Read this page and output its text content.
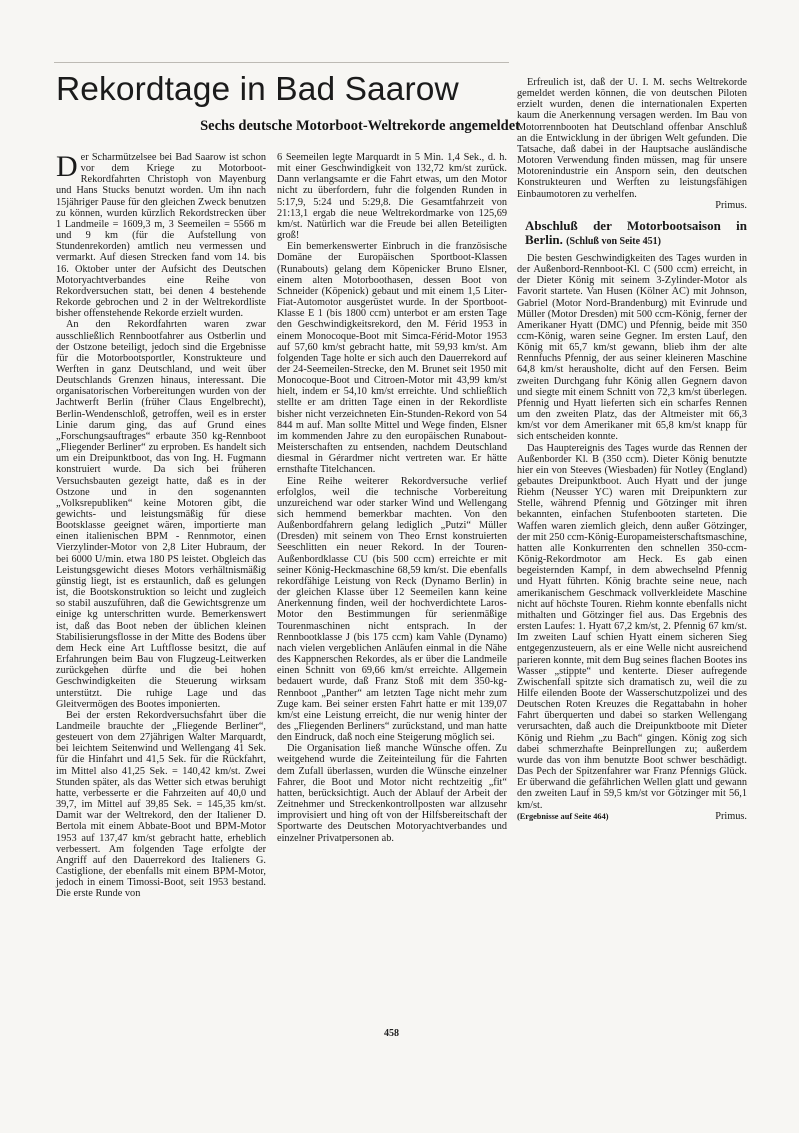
Rekordtage in Bad Saarow
Sechs deutsche Motorboot-Weltrekorde angemeldet

Der Scharmützelsee bei Bad Saarow ist schon vor dem Kriege zu Motorboot-Rekordfahrten Christoph von Mayenburg und Hans Stucks benutzt worden. Um ihn nach 15jähriger Pause für den gleichen Zweck benutzen zu können, wurden kürzlich Rekordstrecken über 1 Landmeile = 1609,3 m, 3 Seemeilen = 5566 m und 9 km (für die Aufstellung von Stundenrekorden) amtlich neu vermessen und vermarkt. Auf diesen Strecken fand vom 14. bis 16. Oktober unter der Aufsicht des Deutschen Motoryachtverbandes eine Reihe von Rekordversuchen statt, bei denen 4 bestehende Rekorde gebrochen und 2 in der Weltrekordliste bisher offenstehende Rekorde erzielt wurden.

An den Rekordfahrten waren zwar ausschließlich Rennbootfahrer aus Ostberlin und der Ostzone beteiligt, jedoch sind die Ergebnisse für die Motorbootsportler, Konstrukteure und Werften in ganz Deutschland, und weit über Deutschlands Grenzen hinaus, interessant. Die organisatorischen Vorbereitungen wurden von der Jachtwerft Berlin (früher Claus Engelbrecht), Berlin-Wendenschloß, getroffen, weil es in erster Linie darum ging, das auf Grund eines „Forschungsauftrages“ erbaute 350 kg-Rennboot „Fliegender Berliner“ zu erproben. Es handelt sich um ein Dreipunktboot, das von Ing. H. Fugmann konstruiert wurde. Da sich bei früheren Versuchsbauten gezeigt hatte, daß es in der Ostzone und in den sogenannten „Volksrepubliken“ keine Motoren gibt, die gewichts- und leistungsmäßig für diese Bootsklasse geeignet wären, importierte man einen italienischen BPM - Rennmotor, einen Vierzylinder-Motor von 2,8 Liter Hubraum, der bei 6000 U/min. etwa 180 PS leistet. Obgleich das Leistungsgewicht dieses Motors verhältnismäßig günstig liegt, ist es erstaunlich, daß es gelungen ist, die Bootskonstruktion so leicht und zugleich so stabil auszuführen, daß die Gewichtsgrenze um einige kg unterschritten wurde. Bemerkenswert ist, daß das Boot neben der üblichen kleinen Stabilisierungsflosse in der Mitte des Bodens über dem Heck eine Art Luftflosse besitzt, die auf Erfahrungen beim Bau von Flugzeug-Leitwerken zurückgehen dürfte und die bei hohen Geschwindigkeiten die Steuerung wirksam unterstützt. Die ruhige Lage und das Gleitvermögen des Bootes imponierten.

Bei der ersten Rekordversuchsfahrt über die Landmeile brauchte der „Fliegende Berliner“, gesteuert von dem 27jährigen Walter Marquardt, bei leichtem Seitenwind und Wellengang 41 Sek. für die Hinfahrt und 41,5 Sek. für die Rückfahrt, im Mittel also 41,25 Sek. = 140,42 km/st. Zwei Stunden später, als das Wetter sich etwas beruhigt hatte, verbesserte er die Fahrzeiten auf 40,0 und 39,7, im Mittel auf 39,85 Sek. = 145,35 km/st. Damit war der Weltrekord, den der Italiener D. Bertola mit einem Abbate-Boot und BPM-Motor 1953 auf 137,47 km/st gebracht hatte, erheblich verbessert. Am folgenden Tage erfolgte der Angriff auf den Dauerrekord des Italieners G. Castiglione, der ebenfalls mit einem BPM-Motor, jedoch in einem Timossi-Boot, seit 1953 bestand. Die erste Runde von

6 Seemeilen legte Marquardt in 5 Min. 1,4 Sek., d. h. mit einer Geschwindigkeit von 132,72 km/st zurück. Dann verlangsamte er die Fahrt etwas, um den Motor nicht zu überfordern, fuhr die folgenden Runden in 5:17,9, 5:24 und 5:29,8. Die Gesamtfahrzeit von 21:13,1 ergab die neue Weltrekordmarke von 125,69 km/st. Natürlich war die Freude bei allen Beteiligten groß!

Ein bemerkenswerter Einbruch in die französische Domäne der Europäischen Sportboot-Klassen (Runabouts) gelang dem Köpenicker Bruno Elsner, einem alten Motorboothasen, dessen Boot von Schneider (Köpenick) gebaut und mit einem 1,5 Liter-Fiat-Automotor ausgerüstet wurde. In der Sportboot-Klasse E 1 (bis 1800 ccm) unterbot er am ersten Tage den Geschwindigkeitsrekord, den M. Férid 1953 in einem Monocoque-Boot mit Simca-Férid-Motor 1953 auf 57,60 km/st gebracht hatte, mit 59,93 km/st. Am folgenden Tage holte er sich auch den Dauerrekord auf der 24-Seemeilen-Strecke, den M. Brunet seit 1950 mit Monocoque-Boot und Citroen-Motor mit 43,99 km/st hielt, indem er 54,10 km/st erreichte. Und schließlich stellte er am dritten Tage einen in der Rekordliste bisher nicht verzeichneten Ein-Stunden-Rekord von 54 844 m auf. Man sollte Mittel und Wege finden, Elsner im kommenden Jahre zu den europäischen Runabout-Meisterschaften zu entsenden, nachdem Deutschland diesmal in Gérardmer nicht vertreten war. Er hätte ernsthafte Titelchancen.

Eine Reihe weiterer Rekordversuche verlief erfolglos, weil die technische Vorbereitung unzureichend war oder starker Wind und Wellengang sich hemmend bemerkbar machten. Von den Außenbordfahrern gelang lediglich „Putzi“ Müller (Dresden) mit seinem von Theo Ernst konstruierten Seeschlitten ein neuer Rekord. In der Touren-Außenbordklasse CU (bis 500 ccm) erreichte er mit seiner König-Heckmaschine 68,59 km/st. Die ebenfalls rekordfähige Leistung von Reck (Dynamo Berlin) in der gleichen Klasse über 12 Seemeilen kann keine Anerkennung finden, weil der hochverdichtete Laros-Motor den Bestimmungen für serienmäßige Tourenmaschinen nicht entsprach. In der Rennbootklasse J (bis 175 ccm) kam Vahle (Dynamo) nach vielen vergeblichen Anläufen einmal in die Nähe des Kappnerschen Rekordes, als er über die Landmeile einen Schnitt von 69,66 km/st erreichte. Allgemein bedauert wurde, daß Franz Stoß mit dem 350-kg-Rennboot „Panther“ am letzten Tage nicht mehr zum Zuge kam. Bei seiner ersten Fahrt hatte er mit 139,07 km/st eine Leistung erreicht, die nur wenig hinter der des „Fliegenden Berliners“ zurückstand, und man hatte den Eindruck, daß noch eine Steigerung möglich sei.

Die Organisation ließ manche Wünsche offen. Zu weitgehend wurde die Zeiteinteilung für die Fahrten dem Zufall überlassen, wurden die Wünsche einzelner Fahrer, die Boot und Motor nicht rechtzeitig „fit“ hatten, berücksichtigt. Auch der Ablauf der Arbeit der Zeitnehmer und Streckenkontrollposten war allzusehr improvisiert und hing oft von der Hilfsbereitschaft der Sportwarte des Deutschen Motoryachtverbandes und einzelner Privatpersonen ab.

Erfreulich ist, daß der U. I. M. sechs Weltrekorde gemeldet werden können, die von deutschen Piloten erzielt wurden, denen die internationalen Experten kaum die Anerkennung versagen werden. Im Bau von Motorrennbooten hat Deutschland offenbar Anschluß an die Entwicklung in der übrigen Welt gefunden. Die Tatsache, daß dabei in der Hauptsache ausländische Motoren Verwendung finden müssen, mag für unsere Motorenindustrie ein Ansporn sein, den deutschen Konstrukteuren und Werften zu leistungsfähigen Einbaumotoren zu verhelfen.

Primus.

Abschluß der Motorbootsaison in Berlin. (Schluß von Seite 451)

Die besten Geschwindigkeiten des Tages wurden in der Außenbord-Rennboot-Kl. C (500 ccm) erreicht, in der Dieter König mit seinem 3-Zylinder-Motor als Favorit startete. Van Husen (Kölner AC) mit Johnson, Gabriel (Motor Nord-Brandenburg) mit Evinrude und Müller (Motor Dresden) mit 500 ccm-König, ferner der Amerikaner Hyatt (DMC) und Pfennig, beide mit 350 ccm-König, waren seine Gegner. Im ersten Lauf, den König mit 65,7 km/st gewann, blieb ihm der alte Rennfuchs Pfennig, der aus seiner kleineren Maschine 64,8 km/st herausholte, dicht auf den Fersen. Beim zweiten Durchgang fuhr König allen Gegnern davon und siegte mit einem Schnitt von 72,3 km/st überlegen. Pfennig und Hyatt lieferten sich ein scharfes Rennen um den zweiten Platz, das der Altmeister mit 66,3 km/st vor dem Amerikaner mit 65,8 km/st knapp für sich entscheiden konnte.

Das Hauptereignis des Tages wurde das Rennen der Außenborder Kl. B (350 ccm). Dieter König benutzte hier ein von Steeves (Wiesbaden) für Notley (England) gebautes Dreipunktboot. Auch Hyatt und der junge Riehm (Neusser YC) waren mit Dreipunktern zur Stelle, während Pfennig und Götzinger mit ihren bekannten, einfachen Stufenbooten starteten. Die Waffen waren ziemlich gleich, denn außer Götzinger, der mit 250 ccm-König-Europameisterschaftsmaschine, hatten alle Konkurrenten den schnellen 350-ccm-König-Rekordmotor am Heck. Es gab einen begeisternden Kampf, in dem abwechselnd Pfennig und Hyatt führten. König brachte seine neue, nach amerikanischem Geschmack vollverkleidete Maschine nicht auf höchste Touren. Riehm konnte ebenfalls nicht mithalten und Götzinger fiel aus. Das Ergebnis des ersten Laufes: 1. Hyatt 67,2 km/st, 2. Pfennig 67 km/st. Im zweiten Lauf schien Hyatt einem sicheren Sieg entgegenzusteuern, als er eine Welle nicht ausreichend parieren konnte, mit dem Bug seines flachen Bootes ins Wasser „stippte“ und kenterte. Dieser aufregende Zwischenfall spitzte sich dramatisch zu, weil die zu Hilfe eilenden Boote der Wasserschutzpolizei und des Deutschen Roten Kreuzes die Regattabahn in hoher Fahrt überquerten und dabei so starken Wellengang verursachten, daß auch die Dreipunktboote mit Dieter König und Riehm „zu Bach“ gingen. König zog sich dabei schmerzhafte Beinprellungen zu; außerdem wurde das von ihm benutzte Boot schwer beschädigt. Das Pech der Spitzenfahrer war Franz Pfennigs Glück. Er überwand die gefährlichen Wellen glatt und gewann den zweiten Lauf in 59,5 km/st vor Götzinger mit 56,1 km/st.

(Ergebnisse auf Seite 464)	Primus.

458
